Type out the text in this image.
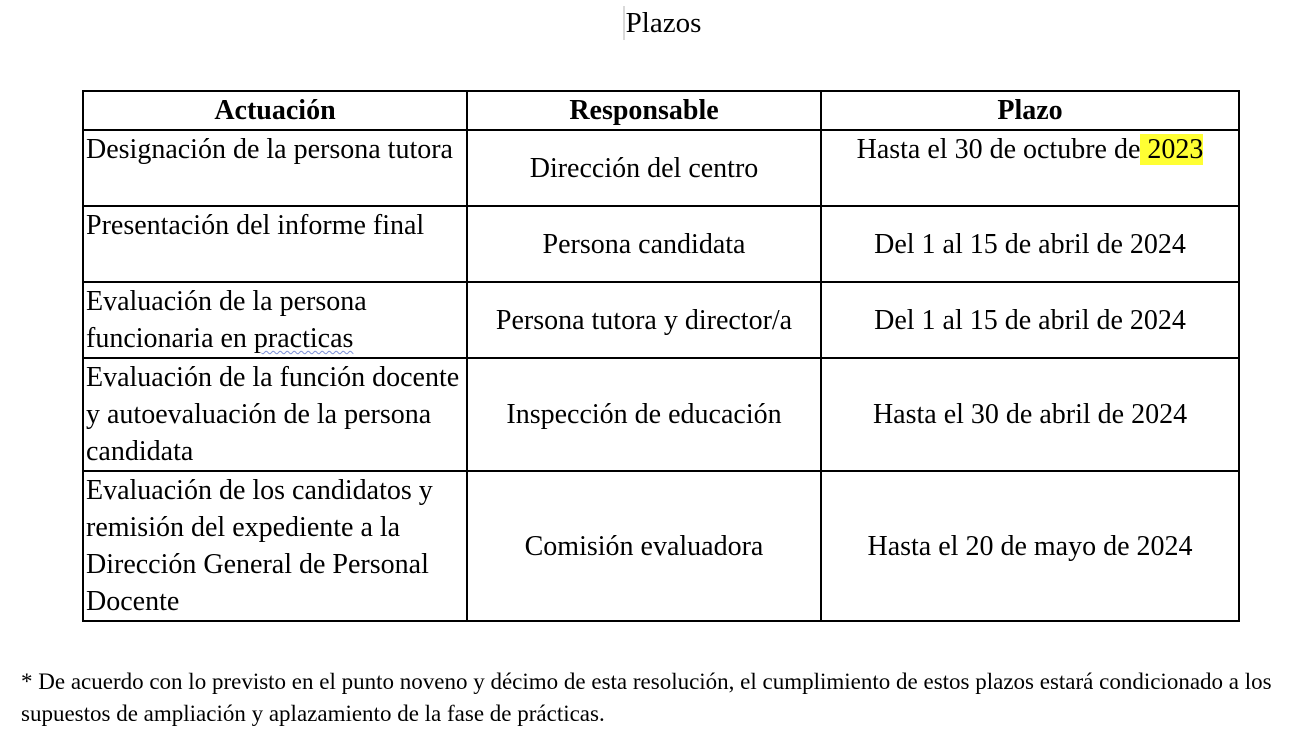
Plazos
Actuación	Responsable	Plazo
Designación de la persona tutora	Dirección del centro	Hasta el 30 de octubre de 2023
Presentación del informe final	Persona candidata	Del 1 al 15 de abril de 2024
Evaluación de la persona funcionaria en practicas	Persona tutora y director/a	Del 1 al 15 de abril de 2024
Evaluación de la función docente y autoevaluación de la persona candidata	Inspección de educación	Hasta el 30 de abril de 2024
Evaluación de los candidatos y remisión del expediente a la Dirección General de Personal Docente	Comisión evaluadora	Hasta el 20 de mayo de 2024
* De acuerdo con lo previsto en el punto noveno y décimo de esta resolución, el cumplimiento de estos plazos estará condicionado a los supuestos de ampliación y aplazamiento de la fase de prácticas.
